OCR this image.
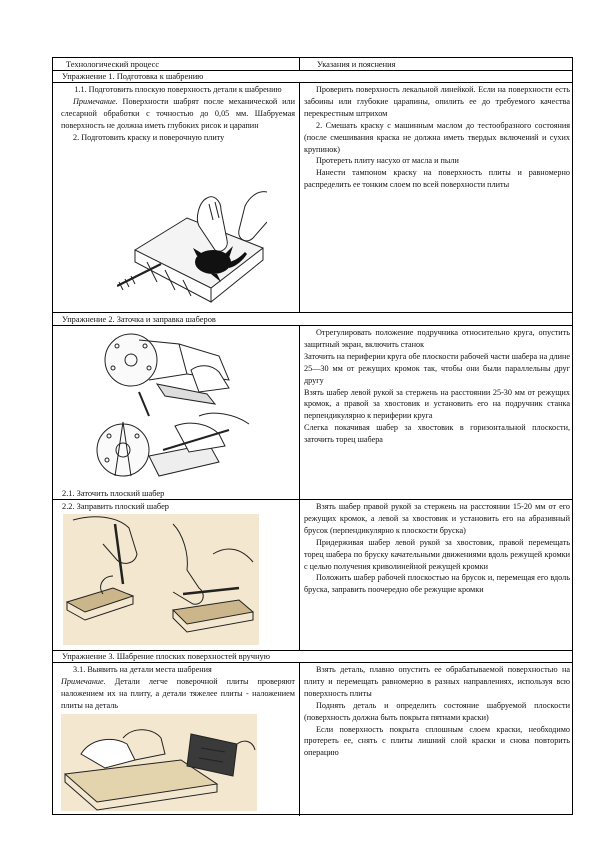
Технологический процесс	Указания и пояснения
Упражнение 1. Подготовка к шабрению

1.1. Подготовить плоскую поверхность детали к шабрению

Примечание. Поверхности шабрят после механической или слесарной обработки с точностью до 0,05 мм. Шабруемая поверхность не должна иметь глубоких рисок и царапин

2. Подготовить краску и поверочную плиту

Проверить поверхность лекальной линейкой. Если на поверхности есть забоины или глубокие царапины, опилить ее до требуемого качества перекрестным штрихом

2. Смешать краску с машинным маслом до тестообразного состояния (после смешивания краска не должна иметь твердых включений и сухих крупинок)

Протереть плиту насухо от масла и пыли

Нанести тампоном краску на поверхность плиты и равномерно распределить ее тонким слоем по всей поверхности плиты

Упражнение 2. Заточка и заправка шаберов

Отрегулировать положение подручника относительно круга, опустить защитный экран, включить станок

Заточить на периферии круга обе плоскости рабочей части шабера на длине 25—30 мм от режущих кромок так, чтобы они были параллельны друг другу

Взять шабер левой рукой за стержень на расстоянии 25-30 мм от режущих кромок, а правой за хвостовик и установить его на подручник станка перпендикулярно к периферии круга

Слегка покачивая шабер за хвостовик в горизонтальной плоскости, заточить торец шабера

2.1. Заточить плоский шабер
2.2. Заправить плоский шабер	Взять шабер правой рукой за стержень на расстоянии 15-20 мм от его режущих кромок, а левой за хвостовик и установить его на абразивный брусок (перпендикулярно к плоскости бруска)

Придерживая шабер левой рукой за хвостовик, правой перемещать торец шабера по бруску качательными движениями вдоль режущей кромки с целью получения криволинейной режущей кромки

Положить шабер рабочей плоскостью на брусок и, перемещая его вдоль бруска, заправить поочередно обе режущие кромки

Упражнение 3. Шабрение плоских поверхностей вручную

3.1. Выявить на детали места шабрения

Примечание. Детали легче поверочной плиты проверяют наложением их на плиту, а детали тяжелее плиты - наложением плиты на деталь

Взять деталь, плавно опустить ее обрабатываемой поверхностью на плиту и перемещать равномерно в разных направлениях, используя всю поверхность плиты

Поднять деталь и определить состояние шабруемой плоскости (поверхность должна быть покрыта пятнами краски)

Если поверхность покрыта сплошным слоем краски, необходимо протереть ее, снять с плиты лишний слой краски и снова повторить операцию
